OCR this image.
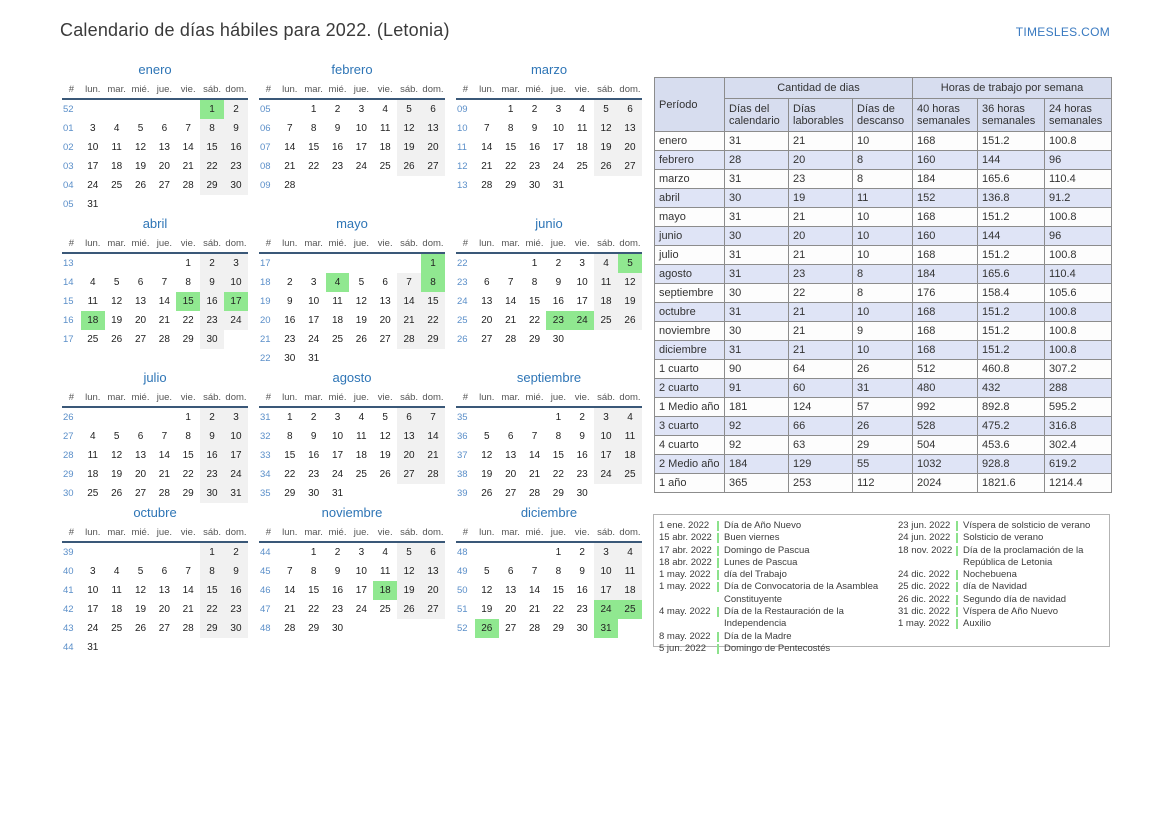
Calendario de días hábiles para 2022. (Letonia)	TIMESLES.COM
enero
#	lun.	mar.	mié.	jue.	vie.	sáb.	dom.
52						1	2
01	3	4	5	6	7	8	9
02	10	11	12	13	14	15	16
03	17	18	19	20	21	22	23
04	24	25	26	27	28	29	30
05	31						
febrero
#	lun.	mar.	mié.	jue.	vie.	sáb.	dom.
05		1	2	3	4	5	6
06	7	8	9	10	11	12	13
07	14	15	16	17	18	19	20
08	21	22	23	24	25	26	27
09	28						
marzo
#	lun.	mar.	mié.	jue.	vie.	sáb.	dom.
09		1	2	3	4	5	6
10	7	8	9	10	11	12	13
11	14	15	16	17	18	19	20
12	21	22	23	24	25	26	27
13	28	29	30	31			
abril
#	lun.	mar.	mié.	jue.	vie.	sáb.	dom.
13					1	2	3
14	4	5	6	7	8	9	10
15	11	12	13	14	15	16	17
16	18	19	20	21	22	23	24
17	25	26	27	28	29	30	
mayo
#	lun.	mar.	mié.	jue.	vie.	sáb.	dom.
17							1
18	2	3	4	5	6	7	8
19	9	10	11	12	13	14	15
20	16	17	18	19	20	21	22
21	23	24	25	26	27	28	29
22	30	31					
junio
#	lun.	mar.	mié.	jue.	vie.	sáb.	dom.
22			1	2	3	4	5
23	6	7	8	9	10	11	12
24	13	14	15	16	17	18	19
25	20	21	22	23	24	25	26
26	27	28	29	30			
julio
#	lun.	mar.	mié.	jue.	vie.	sáb.	dom.
26					1	2	3
27	4	5	6	7	8	9	10
28	11	12	13	14	15	16	17
29	18	19	20	21	22	23	24
30	25	26	27	28	29	30	31
agosto
#	lun.	mar.	mié.	jue.	vie.	sáb.	dom.
31	1	2	3	4	5	6	7
32	8	9	10	11	12	13	14
33	15	16	17	18	19	20	21
34	22	23	24	25	26	27	28
35	29	30	31				
septiembre
#	lun.	mar.	mié.	jue.	vie.	sáb.	dom.
35				1	2	3	4
36	5	6	7	8	9	10	11
37	12	13	14	15	16	17	18
38	19	20	21	22	23	24	25
39	26	27	28	29	30		
octubre
#	lun.	mar.	mié.	jue.	vie.	sáb.	dom.
39						1	2
40	3	4	5	6	7	8	9
41	10	11	12	13	14	15	16
42	17	18	19	20	21	22	23
43	24	25	26	27	28	29	30
44	31						
noviembre
#	lun.	mar.	mié.	jue.	vie.	sáb.	dom.
44		1	2	3	4	5	6
45	7	8	9	10	11	12	13
46	14	15	16	17	18	19	20
47	21	22	23	24	25	26	27
48	28	29	30				
diciembre
#	lun.	mar.	mié.	jue.	vie.	sáb.	dom.
48				1	2	3	4
49	5	6	7	8	9	10	11
50	12	13	14	15	16	17	18
51	19	20	21	22	23	24	25
52	26	27	28	29	30	31	
Período	Cantidad de dias			Horas de trabajo por semana		
	Días del calendario	Días laborables	Días de descanso	40 horas semanales	36 horas semanales	24 horas semanales
enero	31	21	10	168	151.2	100.8
febrero	28	20	8	160	144	96
marzo	31	23	8	184	165.6	110.4
abril	30	19	11	152	136.8	91.2
mayo	31	21	10	168	151.2	100.8
junio	30	20	10	160	144	96
julio	31	21	10	168	151.2	100.8
agosto	31	23	8	184	165.6	110.4
septiembre	30	22	8	176	158.4	105.6
octubre	31	21	10	168	151.2	100.8
noviembre	30	21	9	168	151.2	100.8
diciembre	31	21	10	168	151.2	100.8
1 cuarto	90	64	26	512	460.8	307.2
2 cuarto	91	60	31	480	432	288
1 Medio año	181	124	57	992	892.8	595.2
3 cuarto	92	66	26	528	475.2	316.8
4 cuarto	92	63	29	504	453.6	302.4
2 Medio año	184	129	55	1032	928.8	619.2
1 año	365	253	112	2024	1821.6	1214.4
1 ene. 2022	Día de Año Nuevo
15 abr. 2022	Buen viernes
17 abr. 2022	Domingo de Pascua
18 abr. 2022	Lunes de Pascua
1 may. 2022	día del Trabajo
1 may. 2022	Día de Convocatoria de la Asamblea Constituyente
4 may. 2022	Día de la Restauración de la Independencia
8 may. 2022	Día de la Madre
5 jun. 2022	Domingo de Pentecostés
23 jun. 2022	Víspera de solsticio de verano
24 jun. 2022	Solsticio de verano
18 nov. 2022 Día de la proclamación de la República de Letonia
24 dic. 2022	Nochebuena
25 dic. 2022	día de Navidad
26 dic. 2022	Segundo día de navidad
31 dic. 2022	Víspera de Año Nuevo
1 may. 2022	Auxilio
